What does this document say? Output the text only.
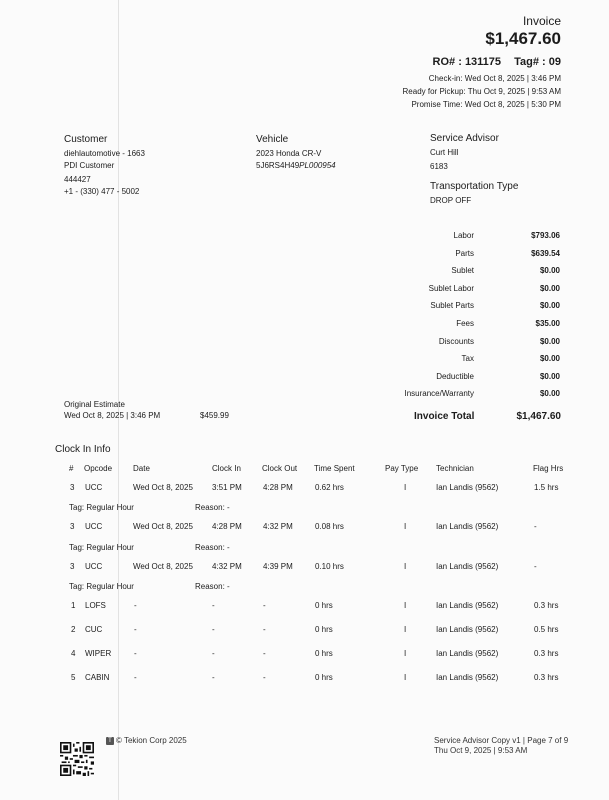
Invoice
$1,467.60
RO# : 131175 Tag# : 09
Check-in: Wed Oct 8, 2025 | 3:46 PM
Ready for Pickup: Thu Oct 9, 2025 | 9:53 AM
Promise Time: Wed Oct 8, 2025 | 5:30 PM
Customer
diehlautomotive - 1663
PDI Customer
444427
+1 - (330) 477 - 5002
Vehicle
2023 Honda CR-V
5J6RS4H49PL000954
Service Advisor
Curt Hill
6183
Transportation Type
DROP OFF
Labor	$793.06
Parts	$639.54
Sublet	$0.00
Sublet Labor	$0.00
Sublet Parts	$0.00
Fees	$35.00
Discounts	$0.00
Tax	$0.00
Deductible	$0.00
Insurance/Warranty	$0.00
Invoice Total	$1,467.60
Original Estimate
Wed Oct 8, 2025 | 3:46 PM	$459.99
Clock In Info
# Opcode	Date	Clock In	Clock Out Time Spent	Pay Type Technician	Flag Hrs
3 UCC	Wed Oct 8, 2025 3:51 PM	4:28 PM	0.62 hrs	I	Ian Landis (9562)	1.5 hrs
Tag: Regular Hour	Reason: -
3 UCC	Wed Oct 8, 2025 4:28 PM	4:32 PM	0.08 hrs	I	Ian Landis (9562)	-
Tag: Regular Hour	Reason: -
3 UCC	Wed Oct 8, 2025 4:32 PM	4:39 PM	0.10 hrs	I	Ian Landis (9562)	-
Tag: Regular Hour	Reason: -
1 LOFS	-	-	-	0 hrs	I	Ian Landis (9562)	0.3 hrs
2 CUC	-	-	-	0 hrs	I	Ian Landis (9562)	0.5 hrs
4 WIPER	-	-	-	0 hrs	I	Ian Landis (9562)	0.3 hrs
5 CABIN	-	-	-	0 hrs	I	Ian Landis (9562)	0.3 hrs
T © Tekion Corp 2025	Service Advisor Copy v1 | Page 7 of 9
Thu Oct 9, 2025 | 9:53 AM
